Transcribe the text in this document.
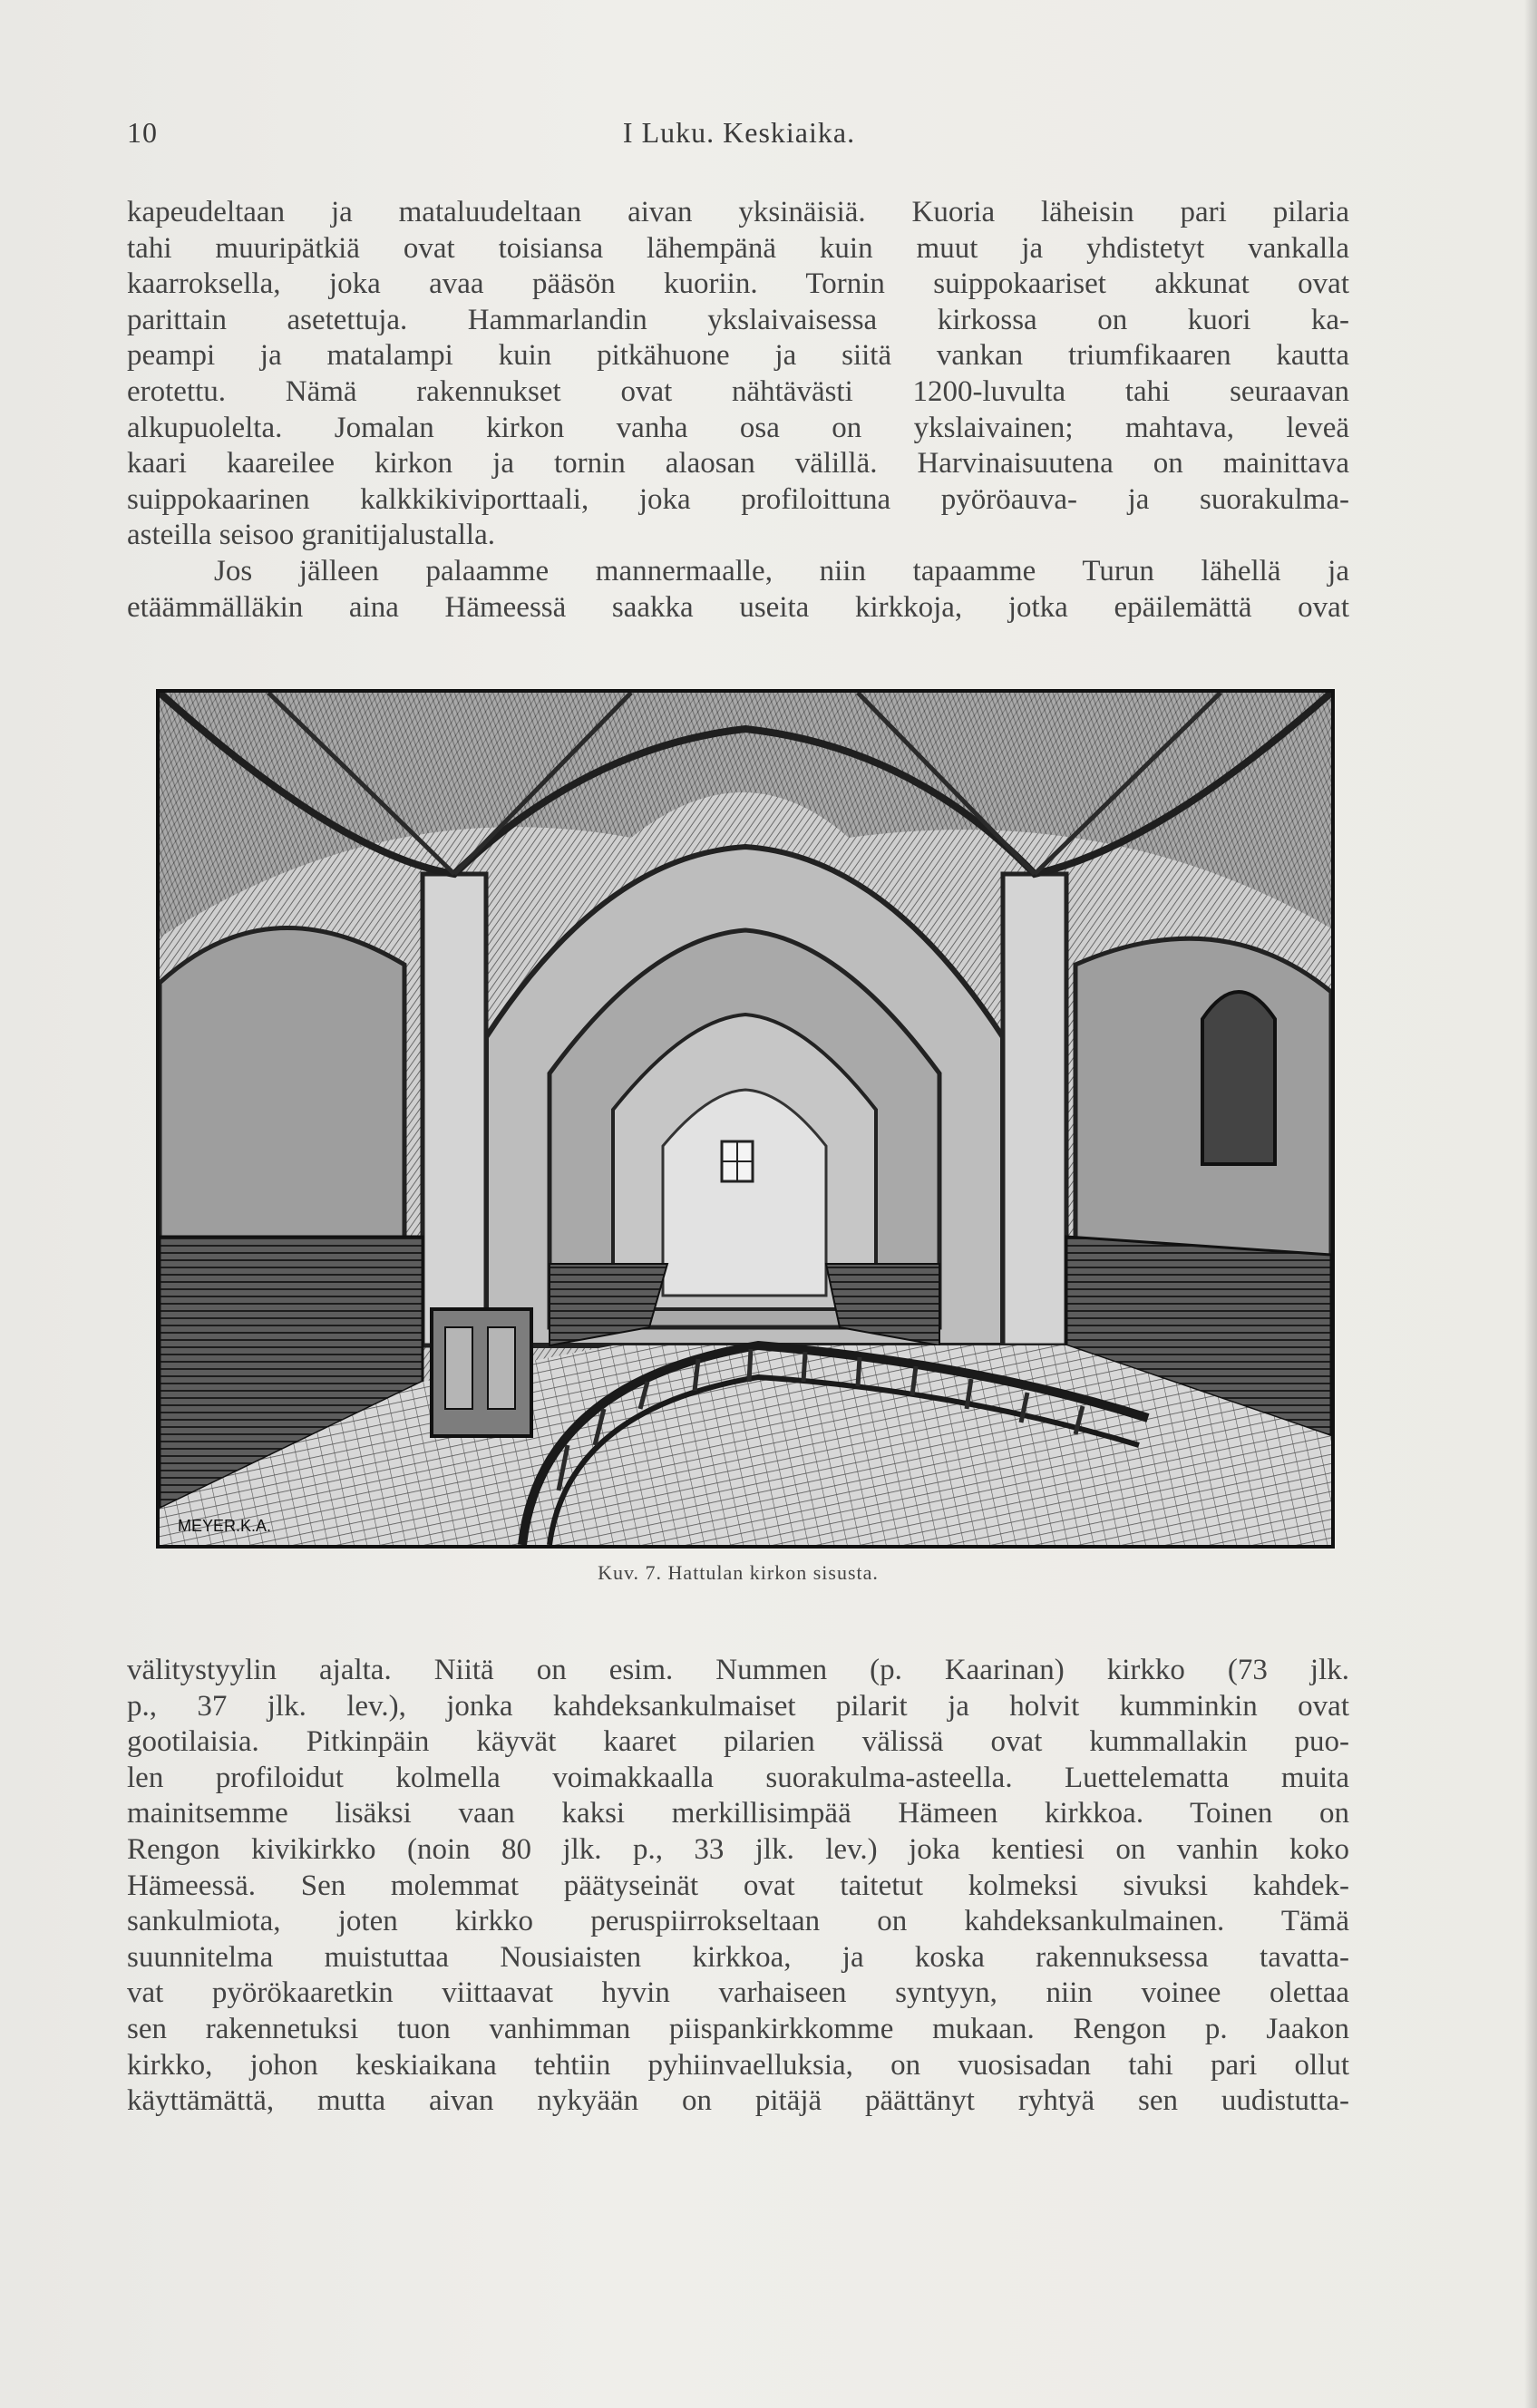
10	I Luku. Keskiaika.
kapeudeltaan ja mataluudeltaan aivan yksinäisiä. Kuoria läheisin pari pilaria
tahi muuripätkiä ovat toisiansa lähempänä kuin muut ja yhdistetyt vankalla
kaarroksella, joka avaa pääsön kuoriin. Tornin suippokaariset akkunat ovat
parittain asetettuja. Hammarlandin ykslaivaisessa kirkossa on kuori ka-
peampi ja matalampi kuin pitkähuone ja siitä vankan triumfikaaren kautta
erotettu. Nämä rakennukset ovat nähtävästi 1200-luvulta tahi seuraavan
alkupuolelta. Jomalan kirkon vanha osa on ykslaivainen; mahtava, leveä
kaari kaareilee kirkon ja tornin alaosan välillä. Harvinaisuutena on mainittava
suippokaarinen kalkkikiviporttaali, joka profiloittuna pyöröauva- ja suorakulma-
asteilla seisoo granitijalustalla.
Jos jälleen palaamme mannermaalle, niin tapaamme Turun lähellä ja
etäämmälläkin aina Hämeessä saakka useita kirkkoja, jotka epäilemättä ovat
MEYER.K.A.
Kuv. 7. Hattulan kirkon sisusta.
välitystyylin ajalta. Niitä on esim. Nummen (p. Kaarinan) kirkko (73 jlk.
p., 37 jlk. lev.), jonka kahdeksankulmaiset pilarit ja holvit kumminkin ovat
gootilaisia. Pitkinpäin käyvät kaaret pilarien välissä ovat kummallakin puo-
len profiloidut kolmella voimakkaalla suorakulma-asteella. Luettelematta muita
mainitsemme lisäksi vaan kaksi merkillisimpää Hämeen kirkkoa. Toinen on
Rengon kivikirkko (noin 80 jlk. p., 33 jlk. lev.) joka kentiesi on vanhin koko
Hämeessä. Sen molemmat päätyseinät ovat taitetut kolmeksi sivuksi kahdek-
sankulmiota, joten kirkko peruspiirrokseltaan on kahdeksankulmainen. Tämä
suunnitelma muistuttaa Nousiaisten kirkkoa, ja koska rakennuksessa tavatta-
vat pyörökaaretkin viittaavat hyvin varhaiseen syntyyn, niin voinee olettaa
sen rakennetuksi tuon vanhimman piispankirkkomme mukaan. Rengon p. Jaakon
kirkko, johon keskiaikana tehtiin pyhiinvaelluksia, on vuosisadan tahi pari ollut
käyttämättä, mutta aivan nykyään on pitäjä päättänyt ryhtyä sen uudistutta-
